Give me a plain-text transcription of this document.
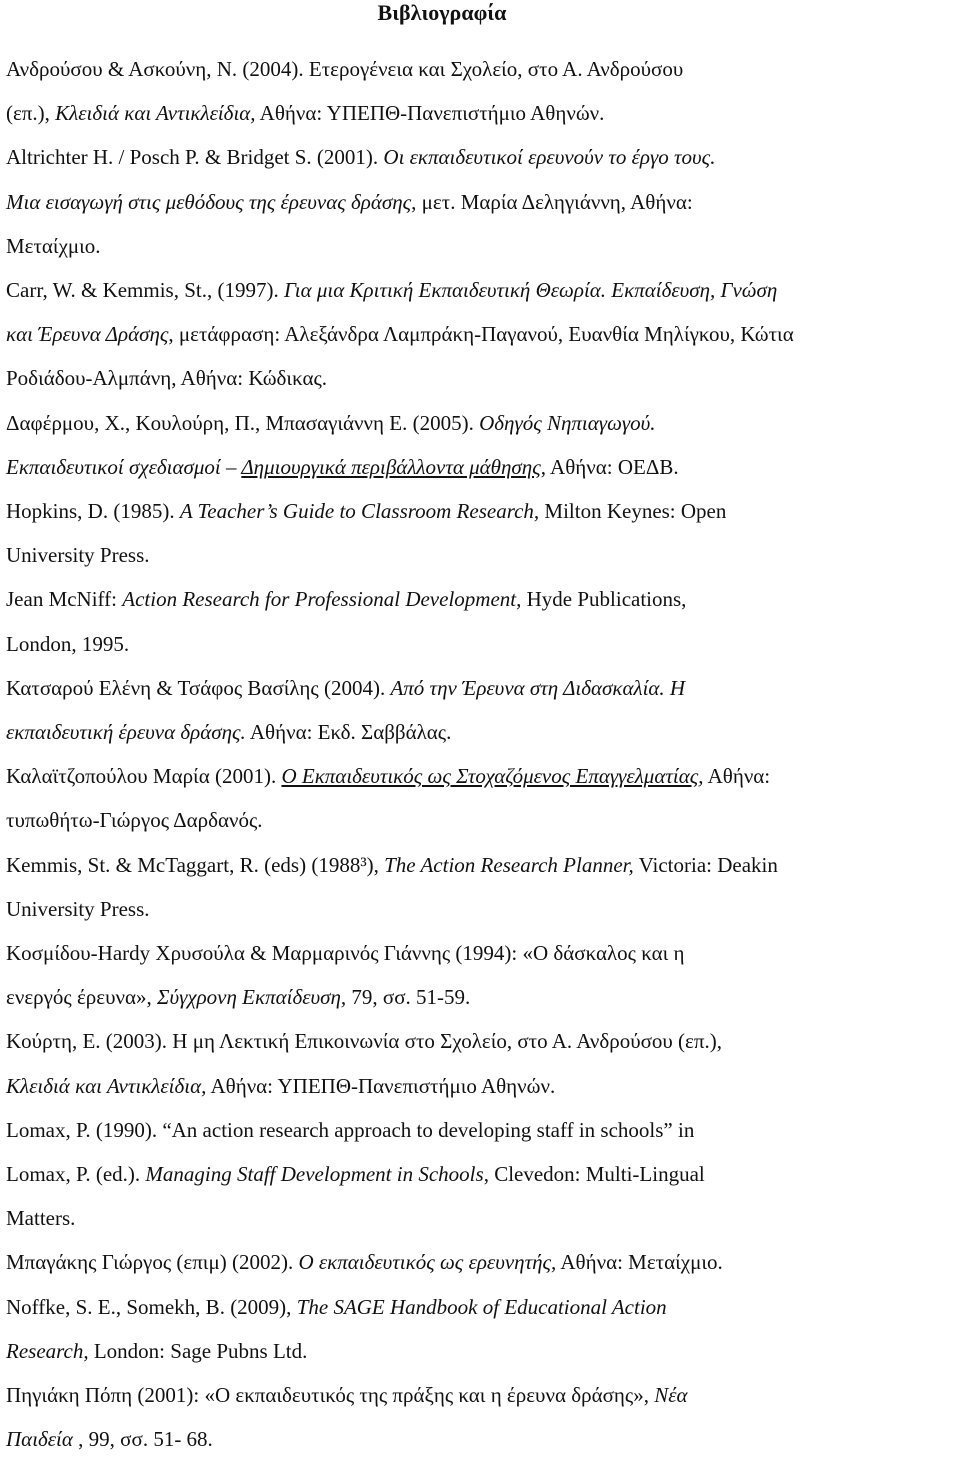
Βιβλιογραφία
Ανδρούσου & Ασκούνη, Ν. (2004). Ετερογένεια και Σχολείο, στο Α. Ανδρούσου
(επ.), Κλειδιά και Αντικλείδια, Αθήνα: ΥΠΕΠΘ-Πανεπιστήμιο Αθηνών.
Altrichter H. / Posch P. & Bridget S. (2001). Οι εκπαιδευτικοί ερευνούν το έργο τους.
Μια εισαγωγή στις μεθόδους της έρευνας δράσης, μετ. Μαρία Δεληγιάννη, Αθήνα:
Μεταίχμιο.
Carr, W. & Kemmis, St., (1997). Για μια Κριτική Εκπαιδευτική Θεωρία. Εκπαίδευση, Γνώση
και Έρευνα Δράσης, μετάφραση: Αλεξάνδρα Λαμπράκη-Παγανού, Ευανθία Μηλίγκου, Κώτια
Ροδιάδου-Αλμπάνη, Αθήνα: Κώδικας.
Δαφέρμου, Χ., Κουλούρη, Π., Μπασαγιάννη Ε. (2005). Οδηγός Νηπιαγωγού.
Εκπαιδευτικοί σχεδιασμοί – Δημιουργικά περιβάλλοντα μάθησης, Αθήνα: ΟΕΔΒ.
Hopkins, D. (1985). A Teacher’s Guide to Classroom Research, Milton Keynes: Open
University Press.
Jean McNiff: Action Research for Professional Development, Hyde Publications,
London, 1995.
Κατσαρού Ελένη & Τσάφος Βασίλης (2004). Από την Έρευνα στη Διδασκαλία. Η
εκπαιδευτική έρευνα δράσης. Αθήνα: Εκδ. Σαββάλας.
Καλαϊτζοπούλου Μαρία (2001). Ο Εκπαιδευτικός ως Στοχαζόμενος Επαγγελματίας, Αθήνα:
τυπωθήτω-Γιώργος Δαρδανός.
Kemmis, St. & McTaggart, R. (eds) (1988³), The Action Research Planner, Victoria: Deakin
University Press.
Κοσμίδου-Hardy Χρυσούλα & Μαρμαρινός Γιάννης (1994): «Ο δάσκαλος και η
ενεργός έρευνα», Σύγχρονη Εκπαίδευση, 79, σσ. 51-59.
Κούρτη, Ε. (2003). Η μη Λεκτική Επικοινωνία στο Σχολείο, στο Α. Ανδρούσου (επ.),
Κλειδιά και Αντικλείδια, Αθήνα: ΥΠΕΠΘ-Πανεπιστήμιο Αθηνών.
Lomax, P. (1990). “An action research approach to developing staff in schools” in
Lomax, P. (ed.). Managing Staff Development in Schools, Clevedon: Multi-Lingual
Matters.
Μπαγάκης Γιώργος (επιμ) (2002). Ο εκπαιδευτικός ως ερευνητής, Αθήνα: Μεταίχμιο.
Noffke, S. E., Somekh, B. (2009), The SAGE Handbook of Educational Action
Research, London: Sage Pubns Ltd.
Πηγιάκη Πόπη (2001): «Ο εκπαιδευτικός της πράξης και η έρευνα δράσης», Νέα
Παιδεία , 99, σσ. 51- 68.
